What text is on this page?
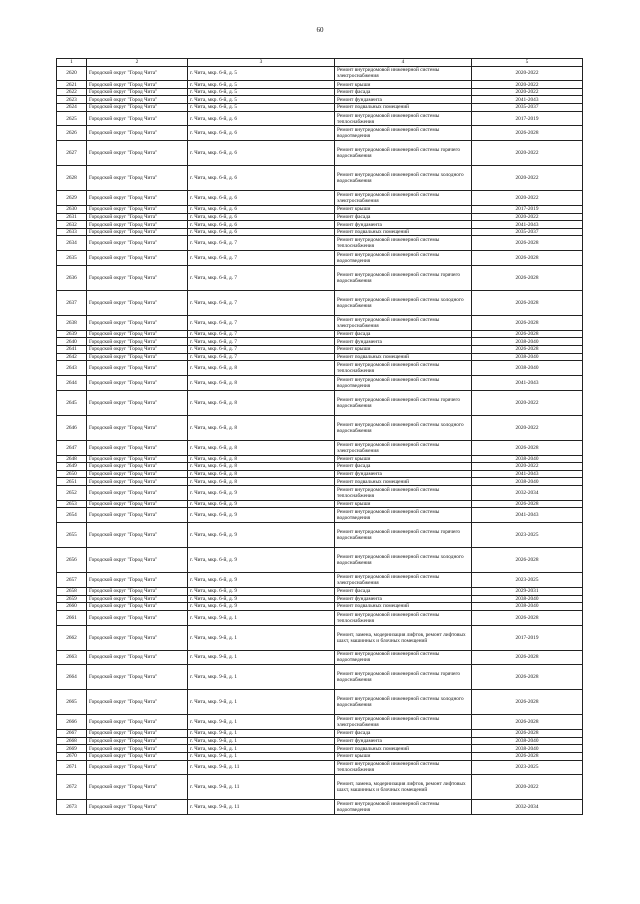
60
1	2	3	4	5
2620	Городской округ "Город Чита"	г. Чита, мкр. 6-й, д. 5	Ремонт внутридомовой инженерной системы электроснабжения	2020-2022
2621	Городской округ "Город Чита"	г. Чита, мкр. 6-й, д. 5	Ремонт крыши	2020-2022
2622	Городской округ "Город Чита"	г. Чита, мкр. 6-й, д. 5	Ремонт фасада	2020-2022
2623	Городской округ "Город Чита"	г. Чита, мкр. 6-й, д. 5	Ремонт фундамента	2041-2043
2624	Городской округ "Город Чита"	г. Чита, мкр. 6-й, д. 5	Ремонт подвальных помещений	2035-2037
2625	Городской округ "Город Чита"	г. Чита, мкр. 6-й, д. 6	Ремонт внутридомовой инженерной системы теплоснабжения	2017-2019
2626	Городской округ "Город Чита"	г. Чита, мкр. 6-й, д. 6	Ремонт внутридомовой инженерной системы водоотведения	2026-2028
2627	Городской округ "Город Чита"	г. Чита, мкр. 6-й, д. 6	Ремонт внутридомовой инженерной системы горячего водоснабжения	2020-2022
2628	Городской округ "Город Чита"	г. Чита, мкр. 6-й, д. 6	Ремонт внутридомовой инженерной системы холодного водоснабжения	2020-2022
2629	Городской округ "Город Чита"	г. Чита, мкр. 6-й, д. 6	Ремонт внутридомовой инженерной системы электроснабжения	2020-2022
2630	Городской округ "Город Чита"	г. Чита, мкр. 6-й, д. 6	Ремонт крыши	2017-2019
2631	Городской округ "Город Чита"	г. Чита, мкр. 6-й, д. 6	Ремонт фасада	2020-2022
2632	Городской округ "Город Чита"	г. Чита, мкр. 6-й, д. 6	Ремонт фундамента	2041-2043
2633	Городской округ "Город Чита"	г. Чита, мкр. 6-й, д. 6	Ремонт подвальных помещений	2035-2037
2634	Городской округ "Город Чита"	г. Чита, мкр. 6-й, д. 7	Ремонт внутридомовой инженерной системы теплоснабжения	2026-2028
2635	Городской округ "Город Чита"	г. Чита, мкр. 6-й, д. 7	Ремонт внутридомовой инженерной системы водоотведения	2026-2028
2636	Городской округ "Город Чита"	г. Чита, мкр. 6-й, д. 7	Ремонт внутридомовой инженерной системы горячего водоснабжения	2026-2028
2637	Городской округ "Город Чита"	г. Чита, мкр. 6-й, д. 7	Ремонт внутридомовой инженерной системы холодного водоснабжения	2026-2028
2638	Городской округ "Город Чита"	г. Чита, мкр. 6-й, д. 7	Ремонт внутридомовой инженерной системы электроснабжения	2026-2028
2639	Городской округ "Город Чита"	г. Чита, мкр. 6-й, д. 7	Ремонт фасада	2026-2028
2640	Городской округ "Город Чита"	г. Чита, мкр. 6-й, д. 7	Ремонт фундамента	2038-2040
2641	Городской округ "Город Чита"	г. Чита, мкр. 6-й, д. 7	Ремонт крыши	2026-2028
2642	Городской округ "Город Чита"	г. Чита, мкр. 6-й, д. 7	Ремонт подвальных помещений	2038-2040
2643	Городской округ "Город Чита"	г. Чита, мкр. 6-й, д. 8	Ремонт внутридомовой инженерной системы теплоснабжения	2038-2040
2644	Городской округ "Город Чита"	г. Чита, мкр. 6-й, д. 8	Ремонт внутридомовой инженерной системы водоотведения	2041-2043
2645	Городской округ "Город Чита"	г. Чита, мкр. 6-й, д. 8	Ремонт внутридомовой инженерной системы горячего водоснабжения	2020-2022
2646	Городской округ "Город Чита"	г. Чита, мкр. 6-й, д. 8	Ремонт внутридомовой инженерной системы холодного водоснабжения	2020-2022
2647	Городской округ "Город Чита"	г. Чита, мкр. 6-й, д. 8	Ремонт внутридомовой инженерной системы электроснабжения	2026-2028
2648	Городской округ "Город Чита"	г. Чита, мкр. 6-й, д. 8	Ремонт крыши	2038-2040
2649	Городской округ "Город Чита"	г. Чита, мкр. 6-й, д. 8	Ремонт фасада	2020-2022
2650	Городской округ "Город Чита"	г. Чита, мкр. 6-й, д. 8	Ремонт фундамента	2041-2043
2651	Городской округ "Город Чита"	г. Чита, мкр. 6-й, д. 8	Ремонт подвальных помещений	2038-2040
2652	Городской округ "Город Чита"	г. Чита, мкр. 6-й, д. 9	Ремонт внутридомовой инженерной системы теплоснабжения	2032-2034
2653	Городской округ "Город Чита"	г. Чита, мкр. 6-й, д. 9	Ремонт крыши	2026-2028
2654	Городской округ "Город Чита"	г. Чита, мкр. 6-й, д. 9	Ремонт внутридомовой инженерной системы водоотведения	2041-2043
2655	Городской округ "Город Чита"	г. Чита, мкр. 6-й, д. 9	Ремонт внутридомовой инженерной системы горячего водоснабжения	2023-2025
2656	Городской округ "Город Чита"	г. Чита, мкр. 6-й, д. 9	Ремонт внутридомовой инженерной системы холодного водоснабжения	2026-2028
2657	Городской округ "Город Чита"	г. Чита, мкр. 6-й, д. 9	Ремонт внутридомовой инженерной системы электроснабжения	2023-2025
2658	Городской округ "Город Чита"	г. Чита, мкр. 6-й, д. 9	Ремонт фасада	2029-2031
2659	Городской округ "Город Чита"	г. Чита, мкр. 6-й, д. 9	Ремонт фундамента	2038-2040
2660	Городской округ "Город Чита"	г. Чита, мкр. 6-й, д. 9	Ремонт подвальных помещений	2038-2040
2661	Городской округ "Город Чита"	г. Чита, мкр. 9-й, д. 1	Ремонт внутридомовой инженерной системы теплоснабжения	2026-2028
2662	Городской округ "Город Чита"	г. Чита, мкр. 9-й, д. 1	Ремонт, замена, модернизация лифтов, ремонт лифтовых шахт, машинных и блочных помещений	2017-2019
2663	Городской округ "Город Чита"	г. Чита, мкр. 9-й, д. 1	Ремонт внутридомовой инженерной системы водоотведения	2026-2028
2664	Городской округ "Город Чита"	г. Чита, мкр. 9-й, д. 1	Ремонт внутридомовой инженерной системы горячего водоснабжения	2026-2028
2665	Городской округ "Город Чита"	г. Чита, мкр. 9-й, д. 1	Ремонт внутридомовой инженерной системы холодного водоснабжения	2026-2028
2666	Городской округ "Город Чита"	г. Чита, мкр. 9-й, д. 1	Ремонт внутридомовой инженерной системы электроснабжения	2026-2028
2667	Городской округ "Город Чита"	г. Чита, мкр. 9-й, д. 1	Ремонт фасада	2026-2028
2668	Городской округ "Город Чита"	г. Чита, мкр. 9-й, д. 1	Ремонт фундамента	2038-2040
2669	Городской округ "Город Чита"	г. Чита, мкр. 9-й, д. 1	Ремонт подвальных помещений	2038-2040
2670	Городской округ "Город Чита"	г. Чита, мкр. 9-й, д. 1	Ремонт крыши	2026-2028
2671	Городской округ "Город Чита"	г. Чита, мкр. 9-й, д. 11	Ремонт внутридомовой инженерной системы теплоснабжения	2023-2025
2672	Городской округ "Город Чита"	г. Чита, мкр. 9-й, д. 11	Ремонт, замена, модернизация лифтов, ремонт лифтовых шахт, машинных и блочных помещений	2020-2022
2673	Городской округ "Город Чита"	г. Чита, мкр. 9-й, д. 11	Ремонт внутридомовой инженерной системы водоотведения	2032-2034
